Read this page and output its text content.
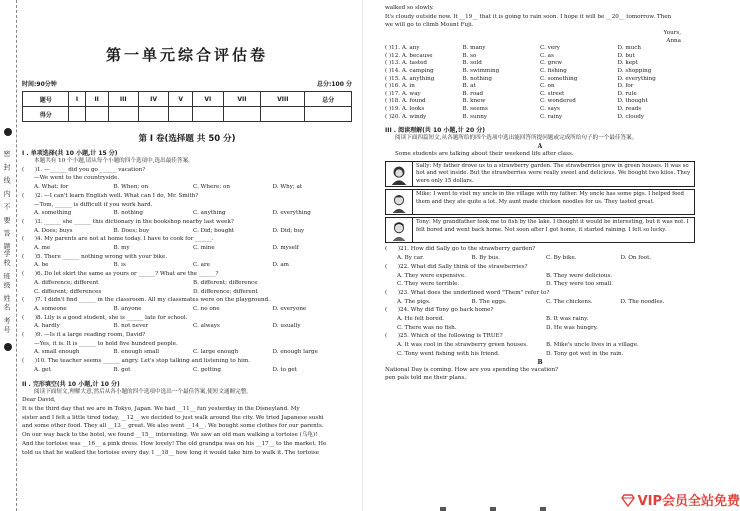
密 封 线 内 不 要 答 题
学校 班级 姓名 考号
第一单元综合评估卷
时间:90分钟	总分:100 分
题号	I	II	III	IV	V	VI	VII	VIII	总分
得分									
第 I 卷(选择题 共 50 分)
I . 单项选择(共 10 小题,计 15 分)
本题共有 10 个小题,请从每个小题的四个选项中,选出最佳答案。
(      )1. —______ did you go ______ vacation?
—We went to the countryside.
A. What; for	B. When; on	C. Where; on	D. Why; at
(      )2. —I can't learn English well. What can I do, Mr. Smith?
—Tom, ______ is difficult if you work hard.
A. something	B. nothing	C. anything	D. everything
(      )3. ______ she ______ this dictionary in the bookshop nearby last week?
A. Does; buys	B. Does; buy	C. Did; bought	D. Did; buy
(      )4. My parents are not at home today. I have to cook for ______.
A. me	B. my	C. mine	D. myself
(      )5. There ______ nothing wrong with your bike.
A. be	B. is	C. are	D. am
(      )6. Do let skirt the same as yours or ______? What are the ______?
A. difference; different	B. different; difference
C. different; differences	D. difference; different
(      )7. I didn't find ______ in the classroom. All my classmates were on the playground.
A. someone	B. anyone	C. no one	D. everyone
(      )8. Lily is a good student, she is ______ late for school.
A. hardly	B. not never	C. always	D. usually
(      )9. —Is it a large reading room, David?
—Yes, it is. It is ______ to hold five hundred people.
A. small enough	B. enough small	C. large enough	D. enough large
(      )10. The teacher seems ______ angry. Let's stop talking and listening to him.
A. get	B. got	C. getting	D. to get
II . 完形填空(共 10 小题,计 10 分)
阅读下面短文,理解大意,然后从各小题的四个选项中选出一个最佳答案,使短文通顺完整。
Dear David,
It is the third day that we are in Tokyo, Japan. We had __11__ fun yesterday in the Disneyland. My
sister and I felt a little tired today, __12__ we decided to just walk around the city. We tried Japanese sushi
and some other food. They all __13__ great. We also went __14__. We bought some clothes for our parents.
On our way back to the hotel, we found __15__ interesting. We saw an old man walking a tortoise (乌龟)!
And the tortoise was __16__ a pink dress. How lovely! The old grandpa was on his __17__ to the market. He
told us that he walked the tortoise every day. I __18__ how long it would take him to walk it. The tortoise
walked so slowly.
It's cloudy outside now. It __19__ that it is going to rain soon. I hope it will be __20__ tomorrow. Then
we will go to climb Mount Fuji.
Yours,
Anna
( )11. A. any	B. many	C. very	D. much
( )12. A. because	B. so	C. as	D. but
( )13. A. tasted	B. sold	C. grew	D. kept
( )14. A. camping	B. swimming	C. fishing	D. shopping
( )15. A. anything	B. nothing	C. something	D. everything
( )16. A. in	B. at	C. on	D. for
( )17. A. way	B. road	C. street	D. rule
( )18. A. found	B. knew	C. wondered	D. thought
( )19. A. looks	B. seems	C. says	D. reads
( )20. A. windy	B. sunny	C. rainy	D. cloudy
III . 阅读理解(共 10 小题,计 20 分)
阅读下面四篇短文,从各题所给的四个选项中选出能回答所提问题或完成所给句子的一个最佳答案。
A
Some students are talking about their weekend life after class.
Sally: My father drove us to a strawberry garden. The strawberries grew in green houses. It was so hot and wet inside. But the strawberries were really sweet and delicious. We bought two kilos. They were only 15 dollars.
Mike: I went to visit my uncle in the village with my father. My uncle has some pigs. I helped feed them and they ate quite a lot. My aunt made chicken noodles for us. They tasted great.
Tony: My grandfather took me to fish by the lake. I thought it would be interesting, but it was not. I felt bored and went back home. Not soon after I got home, it started raining. I felt so lucky.
(      )21. How did Sally go to the strawberry garden?
A. By car.	B. By bus.	C. By bike.	D. On foot.
(      )22. What did Sally think of the strawberries?
A. They were expensive.	B. They were delicious.
C. They were terrible.	D. They were too small.
(      )23. What does the underlined word "Them" refer to?
A. The pigs.	B. The eggs.	C. The chickens.	D. The noodles.
(      )24. Why did Tony go back home?
A. He felt bored.	B. It was rainy.
C. There was no fish.	D. He was hungry.
(      )25. Which of the following is TRUE?
A. It was cool in the strawberry green houses.	B. Mike's uncle lives in a village.
C. Tony went fishing with his friend.	D. Tony got wet in the rain.
B
National Day is coming. How are you spending the vacation?
pen pals told me their plans.
VIP会员全站免费
